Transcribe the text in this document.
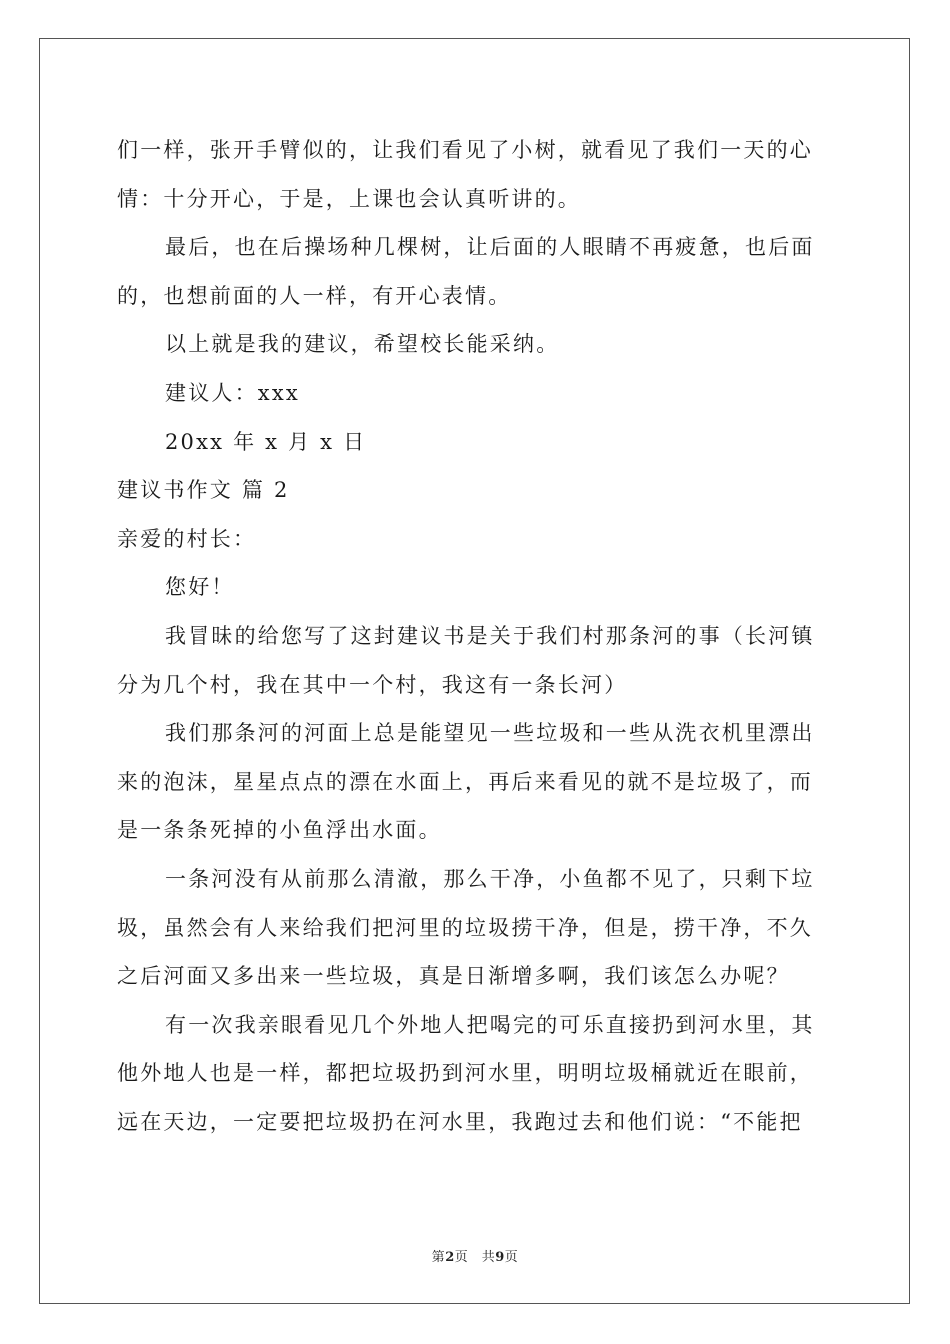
们一样，张开手臂似的，让我们看见了小树，就看见了我们一天的心
情：十分开心，于是，上课也会认真听讲的。
最后，也在后操场种几棵树，让后面的人眼睛不再疲惫，也后面
的，也想前面的人一样，有开心表情。
以上就是我的建议，希望校长能采纳。
建议人：xxx
20xx 年 x 月 x 日
建议书作文 篇 2
亲爱的村长：
您好！
我冒昧的给您写了这封建议书是关于我们村那条河的事（长河镇
分为几个村，我在其中一个村，我这有一条长河）
我们那条河的河面上总是能望见一些垃圾和一些从洗衣机里漂出
来的泡沫，星星点点的漂在水面上，再后来看见的就不是垃圾了，而
是一条条死掉的小鱼浮出水面。
一条河没有从前那么清澈，那么干净，小鱼都不见了，只剩下垃
圾，虽然会有人来给我们把河里的垃圾捞干净，但是，捞干净，不久
之后河面又多出来一些垃圾，真是日渐增多啊，我们该怎么办呢？
有一次我亲眼看见几个外地人把喝完的可乐直接扔到河水里，其
他外地人也是一样，都把垃圾扔到河水里，明明垃圾桶就近在眼前，
远在天边，一定要把垃圾扔在河水里，我跑过去和他们说：“不能把
第2页　共9页
